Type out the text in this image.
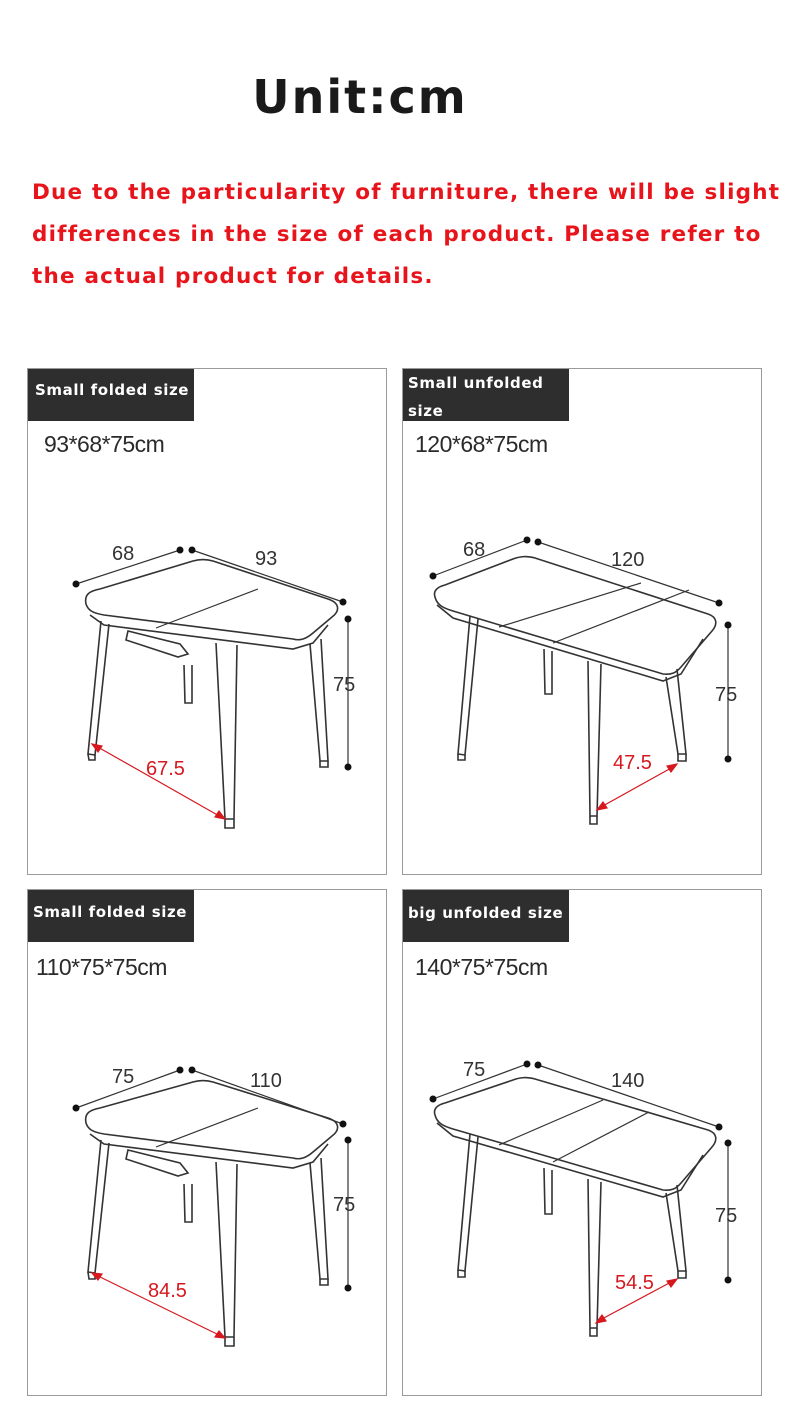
Unit:cm
Due to the particularity of furniture, there will be slight
differences in the size of each product. Please refer to
the actual product for details.
Small folded size
93*68*75cm
68	93
75
67.5
Small unfolded
size
120*68*75cm
68	120
75
47.5
Small folded size
110*75*75cm
75	110
75
84.5
big unfolded size
140*75*75cm
75	140
75
54.5
